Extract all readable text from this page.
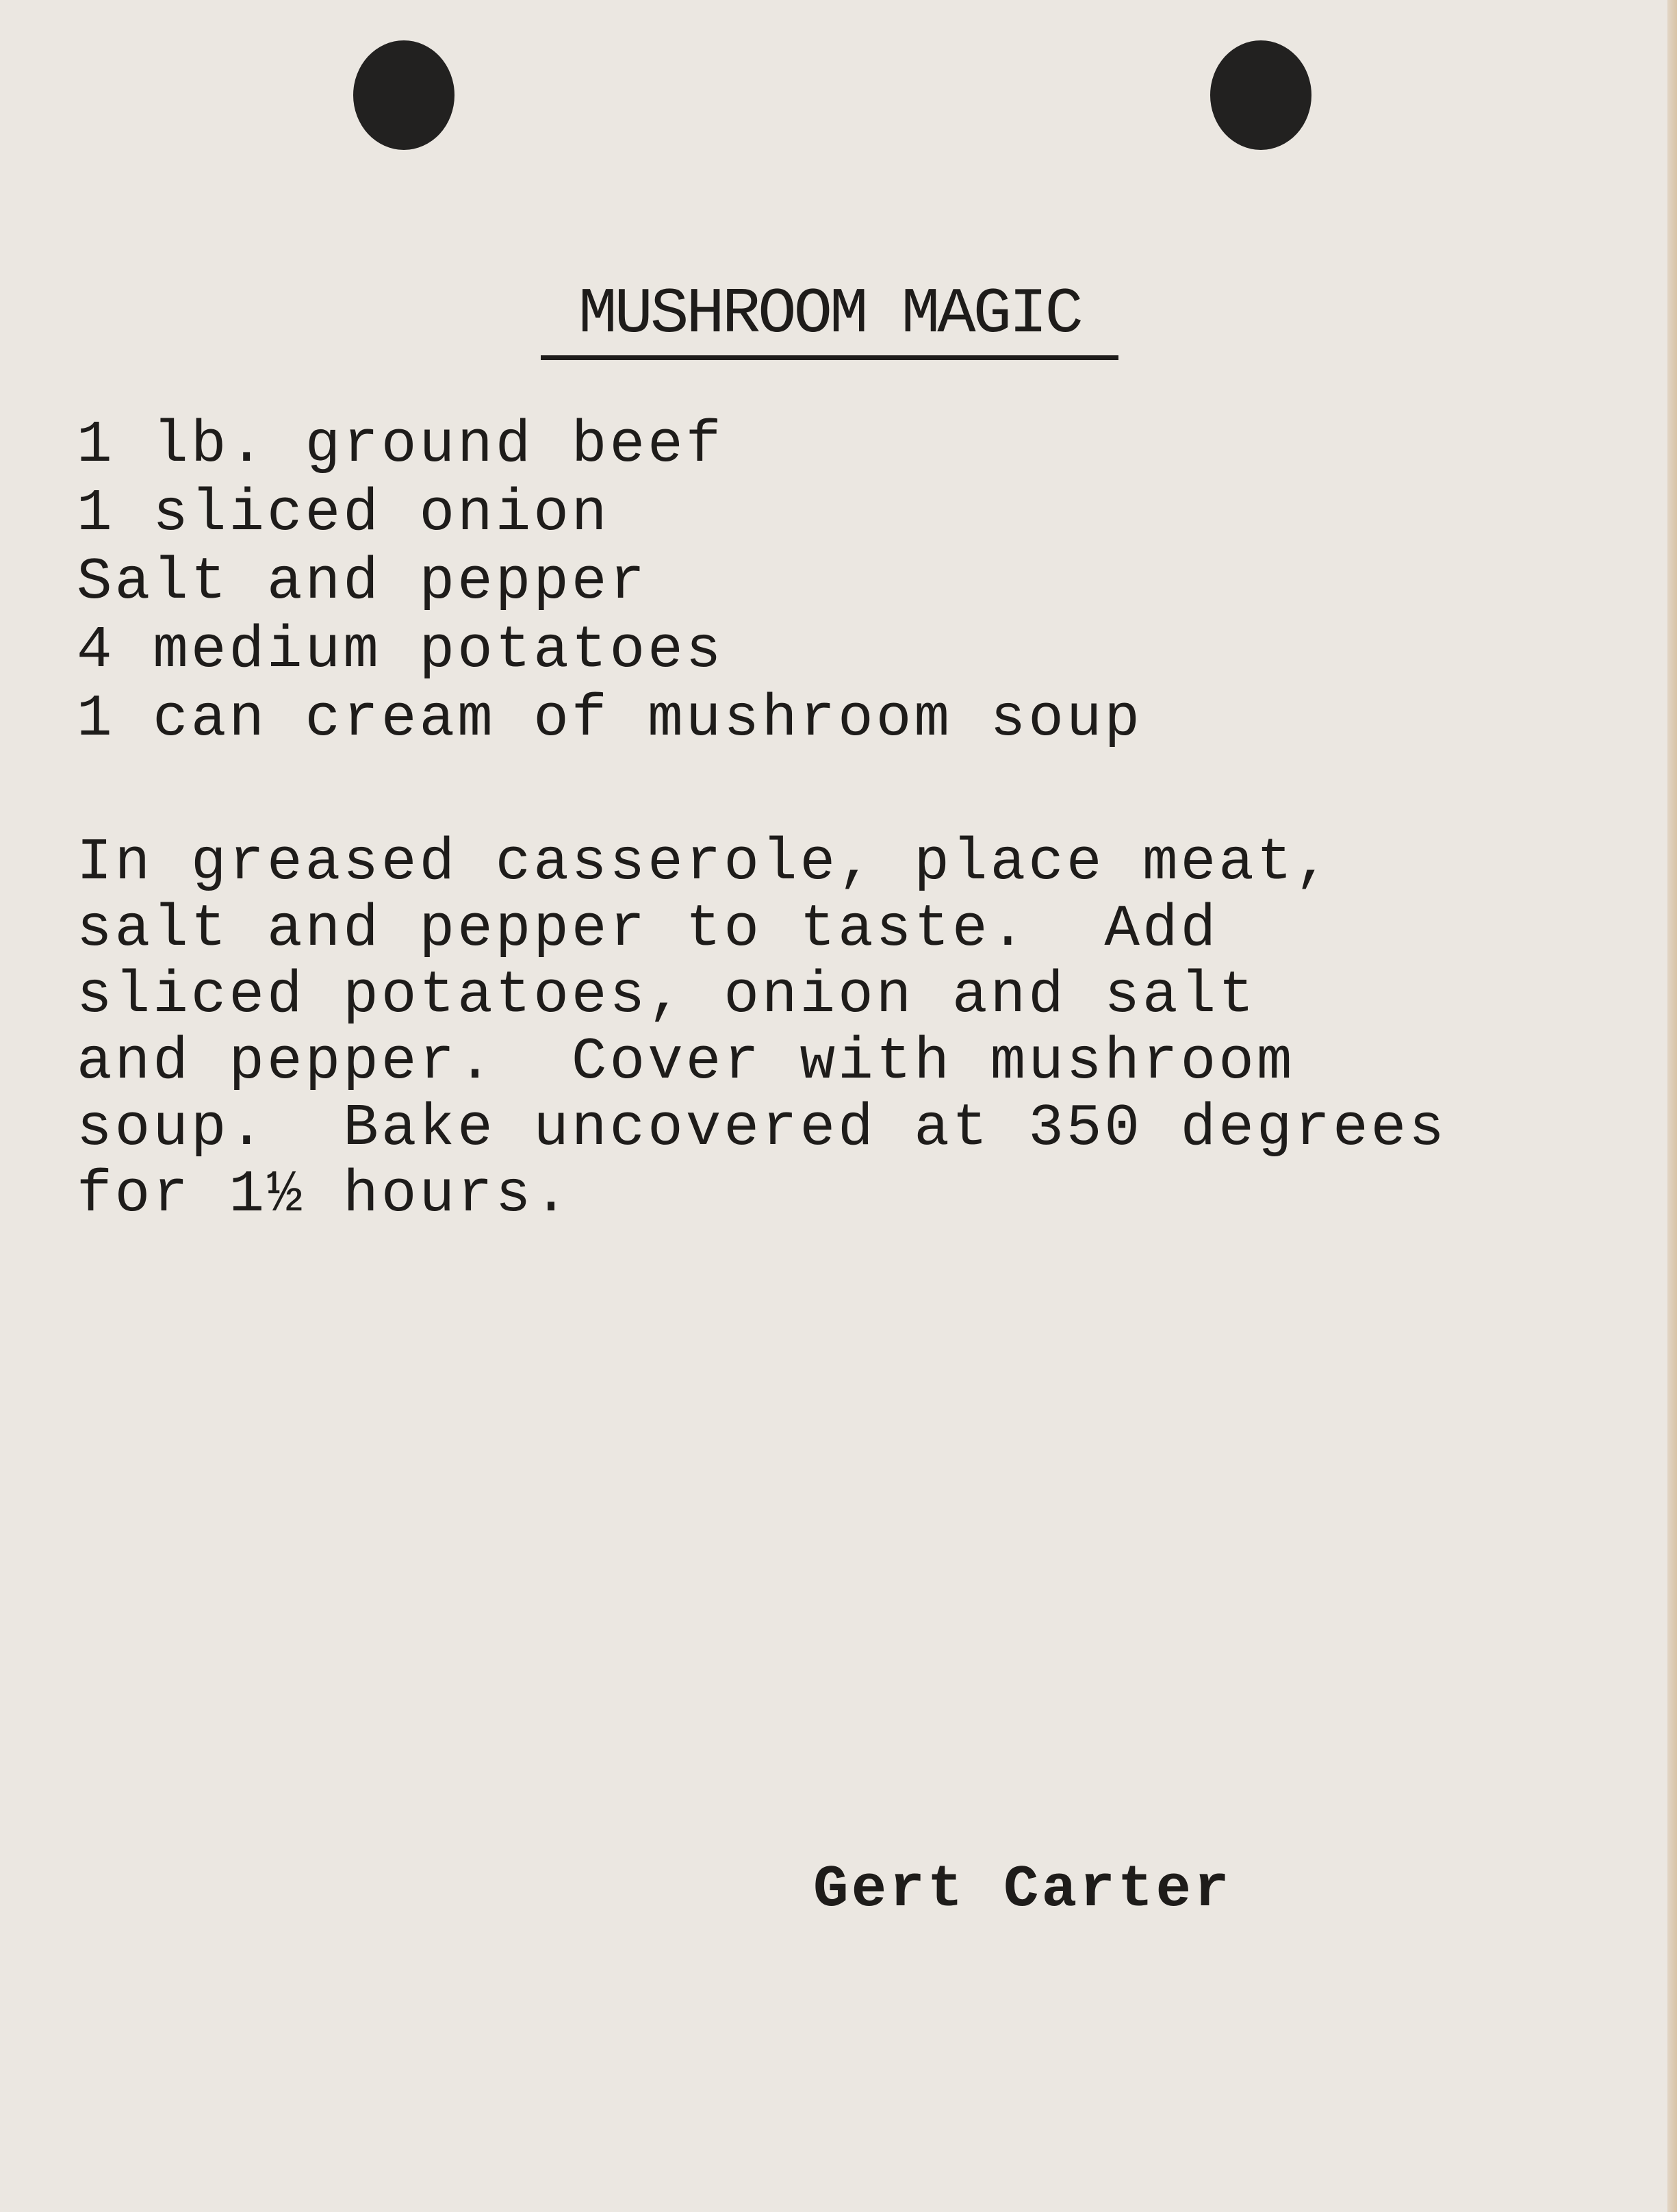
MUSHROOM MAGIC
1 lb. ground beef
1 sliced onion
Salt and pepper
4 medium potatoes
1 can cream of mushroom soup

In greased casserole, place meat,
salt and pepper to taste.  Add
sliced potatoes, onion and salt
and pepper.  Cover with mushroom
soup.  Bake uncovered at 350 degrees
for 1½ hours.

Gert Carter
